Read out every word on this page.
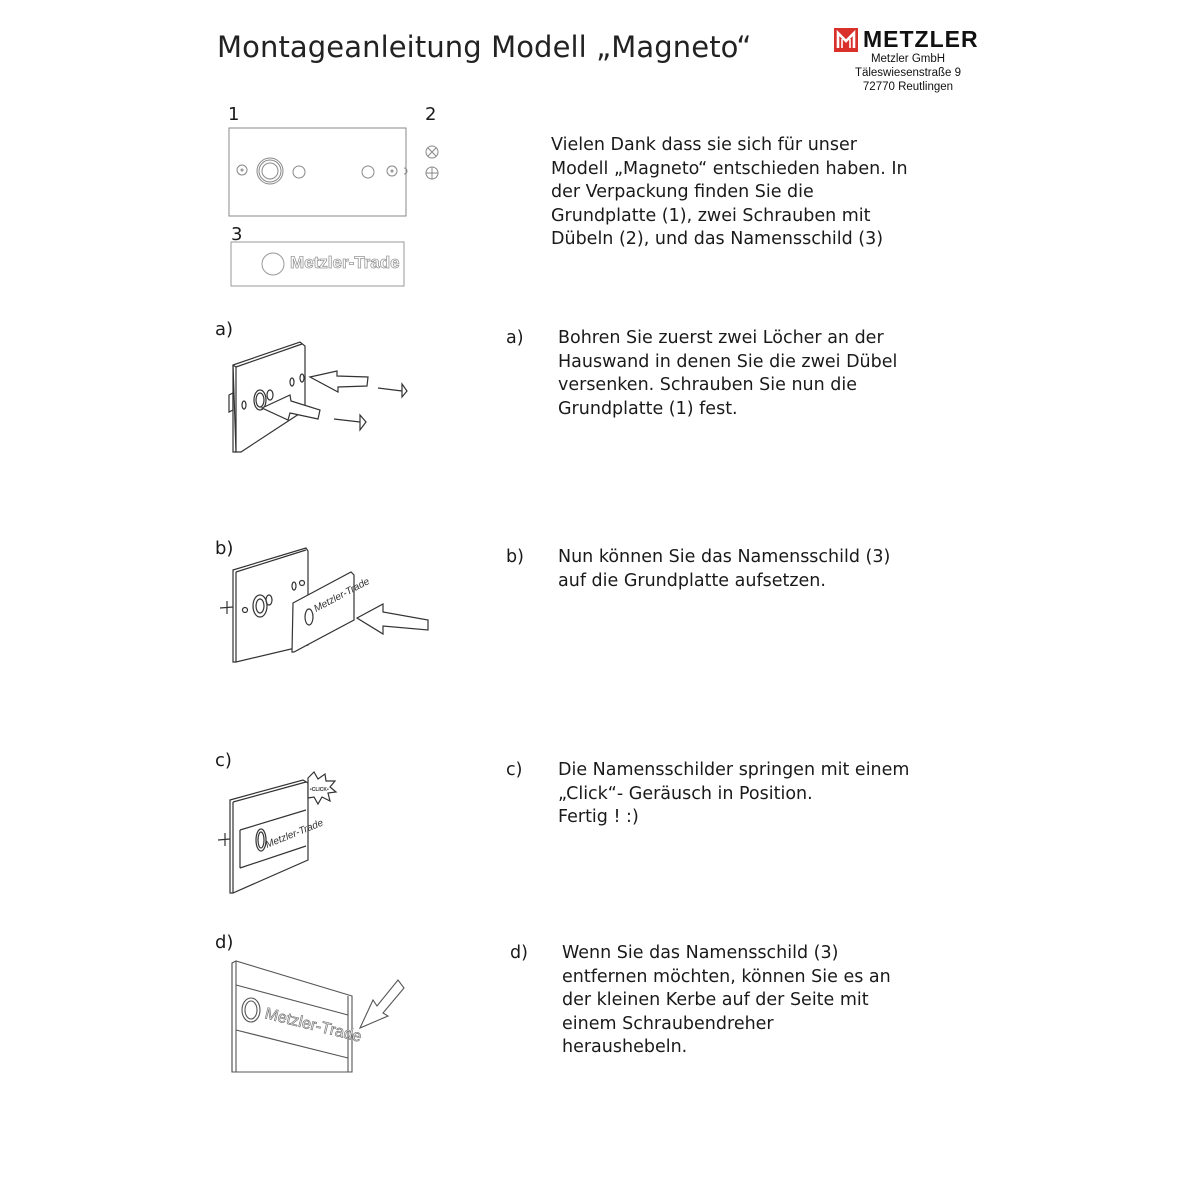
Montageanleitung Modell „Magneto“	METZLER
Metzler GmbH
Täleswiesenstraße 9
72770 Reutlingen
1	2
3
Metzler-Trade
Vielen Dank dass sie sich für unser
Modell „Magneto“ entschieden haben. In
der Verpackung finden Sie die
Grundplatte (1), zwei Schrauben mit
Dübeln (2), und das Namensschild (3)
a)	a)	Bohren Sie zuerst zwei Löcher an der
Hauswand in denen Sie die zwei Dübel
versenken. Schrauben Sie nun die
Grundplatte (1) fest.
b)
Metzler-Trade
b)	Nun können Sie das Namensschild (3)
auf die Grundplatte aufsetzen.
c)
Metzler-Trade
•CLICK•
c)	Die Namensschilder springen mit einem
„Click“- Geräusch in Position.
Fertig ! :)
d)
Metzler-Trade
d)	Wenn Sie das Namensschild (3)
entfernen möchten, können Sie es an
der kleinen Kerbe auf der Seite mit
einem Schraubendreher
heraushebeln.
